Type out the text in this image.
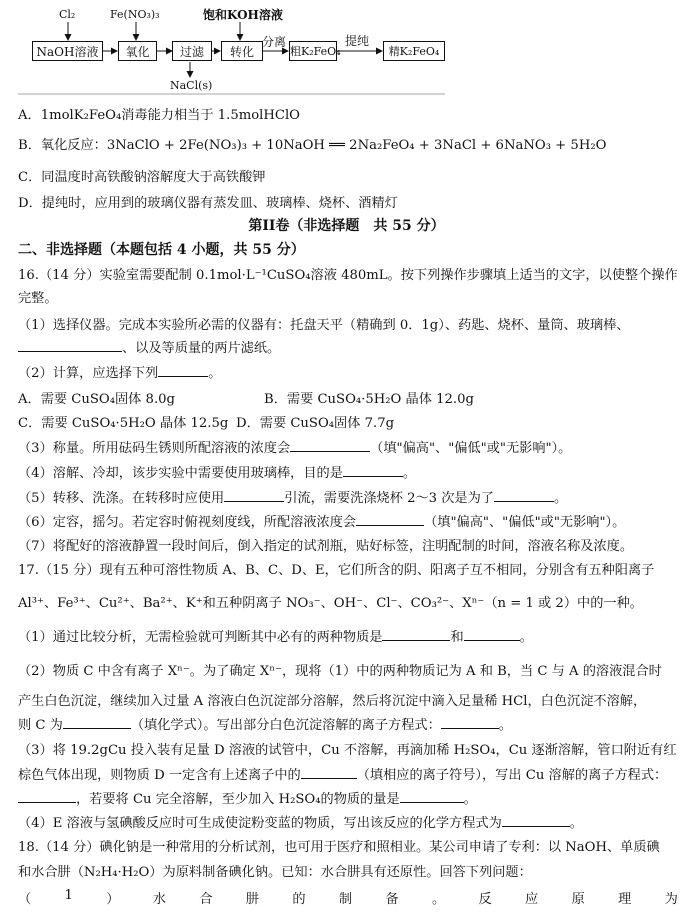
NaOH溶液	氧化	过滤	转化	粗K₂FeO₄	精K₂FeO₄
Cl₂	Fe(NO₃)₃	饱和KOH溶液
分离	提纯
NaCl(s)
A．1molK₂FeO₄消毒能力相当于 1.5molHClO
B．氧化反应：3NaClO + 2Fe(NO₃)₃ + 10NaOH ══ 2Na₂FeO₄ + 3NaCl + 6NaNO₃ + 5H₂O
C．同温度时高铁酸钠溶解度大于高铁酸钾
D．提纯时，应用到的玻璃仪器有蒸发皿、玻璃棒、烧杯、酒精灯
第II卷（非选择题　共 55 分）
二、非选择题（本题包括 4 小题，共 55 分）
16.（14 分）实验室需要配制 0.1mol·L⁻¹CuSO₄溶液 480mL。按下列操作步骤填上适当的文字，以使整个操作
完整。
（1）选择仪器。完成本实验所必需的仪器有：托盘天平（精确到 0．1g）、药匙、烧杯、量筒、玻璃棒、
、以及等质量的两片滤纸。
（2）计算，应选择下列	。
A．需要 CuSO₄固体 8.0g	B．需要 CuSO₄·5H₂O 晶体 12.0g
C．需要 CuSO₄·5H₂O 晶体 12.5g D．需要 CuSO₄固体 7.7g
（3）称量。所用砝码生锈则所配溶液的浓度会	（填"偏高"、"偏低"或"无影响"）。
（4）溶解、冷却，该步实验中需要使用玻璃棒，目的是	。
（5）转移、洗涤。在转移时应使用	引流，需要洗涤烧杯 2～3 次是为了	。
（6）定容，摇匀。若定容时俯视刻度线，所配溶液浓度会	（填"偏高"、"偏低"或"无影响"）。
（7）将配好的溶液静置一段时间后，倒入指定的试剂瓶，贴好标签，注明配制的时间，溶液名称及浓度。
17.（15 分）现有五种可溶性物质 A、B、C、D、E，它们所含的阴、阳离子互不相同，分别含有五种阳离子
Al³⁺、Fe³⁺、Cu²⁺、Ba²⁺、K⁺和五种阴离子 NO₃⁻、OH⁻、Cl⁻、CO₃²⁻、Xⁿ⁻（n = 1 或 2）中的一种。
（1）通过比较分析，无需检验就可判断其中必有的两种物质是	和	。
（2）物质 C 中含有离子 Xⁿ⁻。为了确定 Xⁿ⁻，现将（1）中的两种物质记为 A 和 B，当 C 与 A 的溶液混合时
产生白色沉淀，继续加入过量 A 溶液白色沉淀部分溶解，然后将沉淀中滴入足量稀 HCl，白色沉淀不溶解，
则 C 为	（填化学式）。写出部分白色沉淀溶解的离子方程式：	。
（3）将 19.2gCu 投入装有足量 D 溶液的试管中，Cu 不溶解，再滴加稀 H₂SO₄，Cu 逐渐溶解，管口附近有红
棕色气体出现，则物质 D 一定含有上述离子中的	（填相应的离子符号），写出 Cu 溶解的离子方程式：
，若要将 Cu 完全溶解，至少加入 H₂SO₄的物质的量是	。
（4）E 溶液与氢碘酸反应时可生成使淀粉变蓝的物质，写出该反应的化学方程式为	。
18.（14 分）碘化钠是一种常用的分析试剂，也可用于医疗和照相业。某公司申请了专利：以 NaOH、单质碘
和水合肼（N₂H₄·H₂O）为原料制备碘化钠。已知：水合肼具有还原性。回答下列问题：
（	1	）	水	合	肼	的	制	备	。	反	应	原	理	为
